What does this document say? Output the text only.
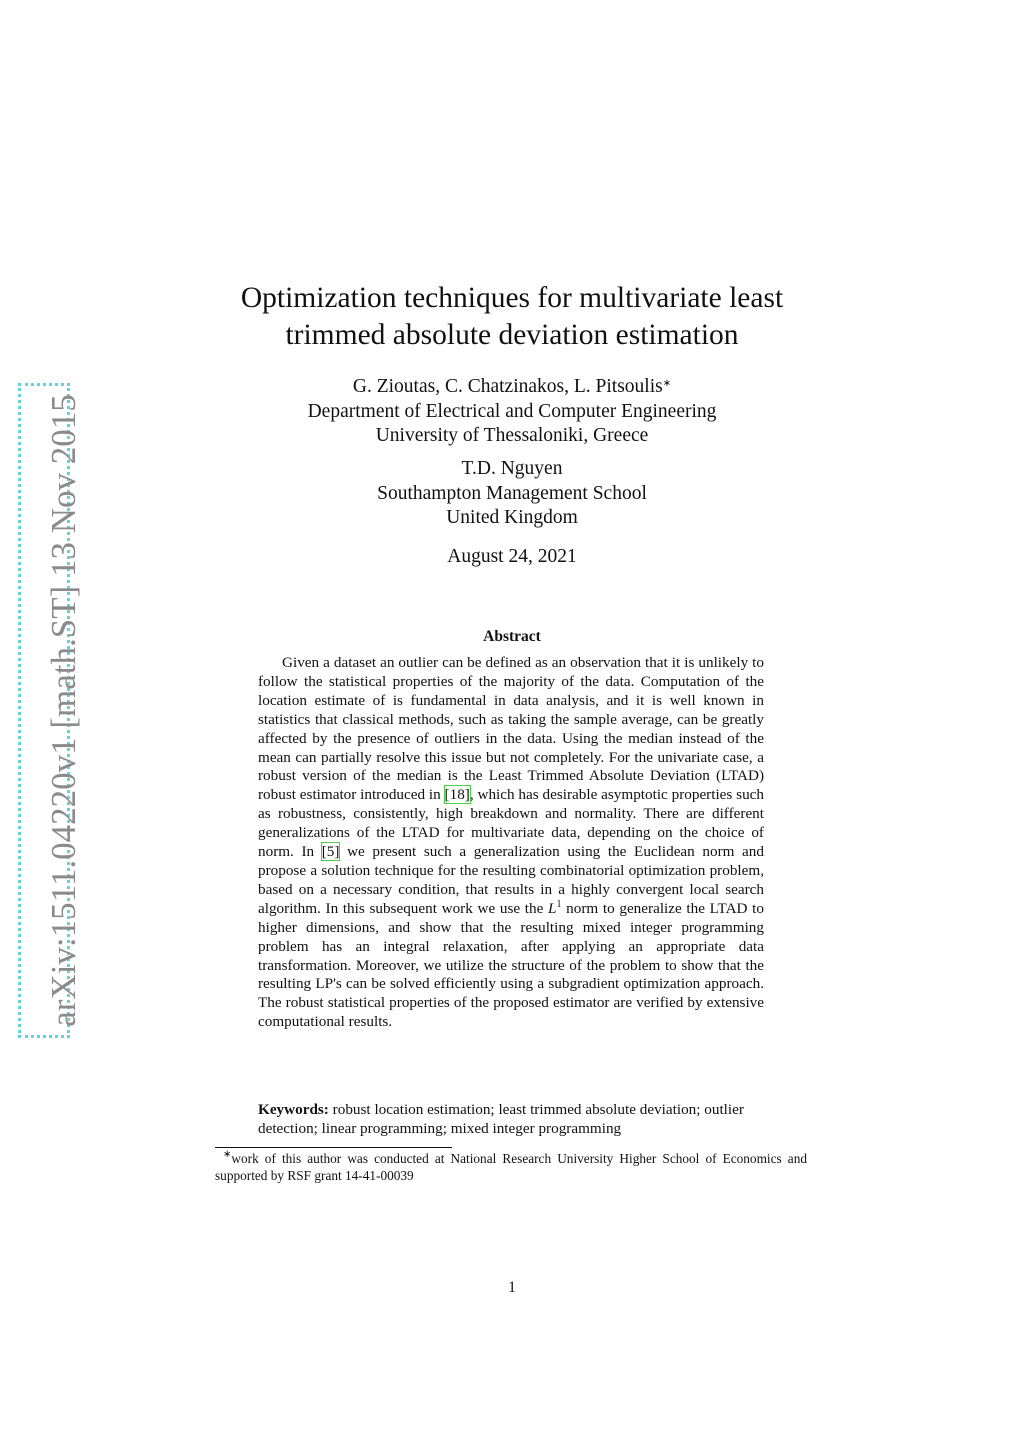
arXiv:1511.04220v1 [math.ST] 13 Nov 2015
Optimization techniques for multivariate least
trimmed absolute deviation estimation
G. Zioutas, C. Chatzinakos, L. Pitsoulis∗
Department of Electrical and Computer Engineering
University of Thessaloniki, Greece
T.D. Nguyen
Southampton Management School
United Kingdom
August 24, 2021
Abstract

Given a dataset an outlier can be defined as an observation that it is unlikely to follow the statistical properties of the majority of the data. Computation of the location estimate of is fundamental in data analysis, and it is well known in statistics that classical methods, such as taking the sample average, can be greatly affected by the presence of outliers in the data. Using the median instead of the mean can partially resolve this issue but not completely. For the univariate case, a robust version of the median is the Least Trimmed Absolute Deviation (LTAD) robust estimator introduced in [18], which has desirable asymptotic properties such as robustness, consistently, high breakdown and normality. There are different generalizations of the LTAD for multivariate data, depending on the choice of norm. In [5] we present such a generalization using the Euclidean norm and propose a solution technique for the resulting combinatorial optimization problem, based on a necessary condition, that results in a highly convergent local search algorithm. In this subsequent work we use the $L^1$ norm to generalize the LTAD to higher dimensions, and show that the resulting mixed integer programming problem has an integral relaxation, after applying an appropriate data transformation. Moreover, we utilize the structure of the problem to show that the resulting LP's can be solved efficiently using a subgradient optimization approach. The robust statistical properties of the proposed estimator are verified by extensive computational results.

Keywords: robust location estimation; least trimmed absolute deviation; outlier detection; linear programming; mixed integer programming

∗work of this author was conducted at National Research University Higher School of Economics and supported by RSF grant 14-41-00039

1
